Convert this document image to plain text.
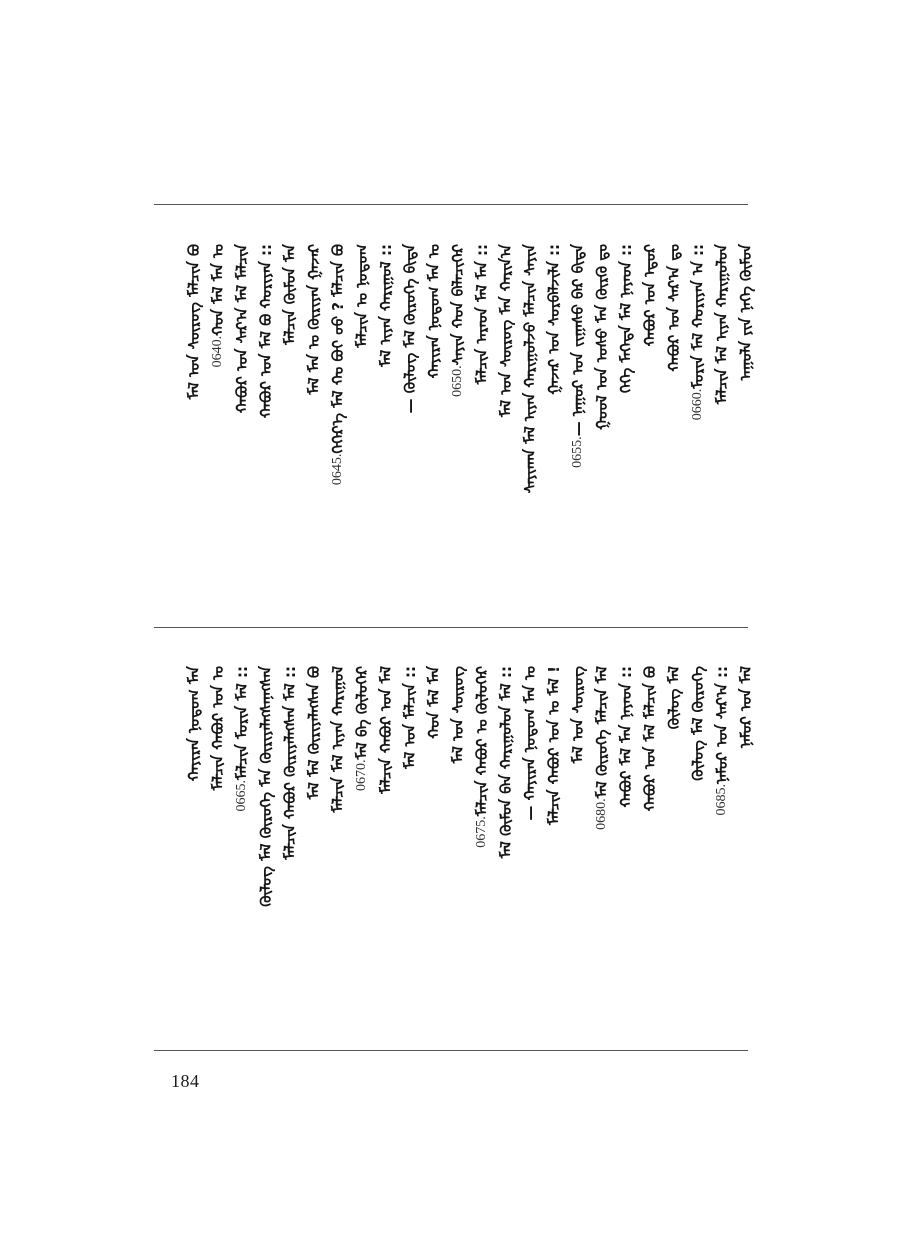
ᠠᠭᠤᠯᠠ ᠶᠢᠨ ᠨᠡᠭᠡ ᠬᠦᠮᠦᠨ
ᠮᠠᠯᠴᠢᠨ ᠮᠠᠯ ᠢᠶᠠᠨ ᠬᠠᠷᠢᠭᠤᠯᠤᠨ
0660.ᠮᠣᠷᠢᠨ ᠮᠠᠯ ᠬᠤᠷᠢᠶᠠᠨ ᠠ ::
ᠬᠠᠪᠤᠷ ᠤᠨ ᠰᠠᠷ᠎ᠠ ᠳᠤ
ᠬᠠᠪᠤᠷ ᠤᠨ ᠡᠳᠦᠷ
ᠬᠡᠬᠡ ᠮᠡᠭᠡᠳᠡ ᠮᠠᠯ ᠨᠠᠶᠠᠳ ::
ᠭᠣᠣᠯ ᠤᠨ ᠤᠰᠤ ᠮᠡᠨ ᠬᠦᠷᠬᠦ ᠳᠤ
0655.— ᠨᠠᠭᠤᠷ ᠤᠨ ᠵᠢᠭᠠᠰᠤ ᠪᠠᠷ ᠪᠢᠳᠡ
ᠭᠠᠵᠠᠷ ᠤᠨ ᠰᠤᠷᠪᠠᠯᠵᠢᠯᠠ ::
ᠰᠠᠶᠢᠬᠠᠨ ᠮᠠᠯ ᠢᠶᠠᠨ ᠬᠠᠷᠢᠭᠤᠯᠵᠤ ᠮᠠᠯᠴᠢᠨ ᠰᠠᠶᠢᠨ
ᠮᠠᠯ ᠤᠨ ᠰᠦᠷᠦᠭ ᠮᠡᠨ ᠬᠠᠷᠢᠨ᠎ᠠ
ᠮᠠᠯᠴᠢᠨ ᠠᠷᠠᠳ ᠮᠠᠯ ᠮᠠᠨ ::
0650.ᠰᠠᠶᠢᠨ ᠬᠣᠨ ᠪᠡᠯᠡᠴᠢᠭᠡᠷ
ᠬᠠᠶᠢᠷᠠᠨ ᠨᠤᠲᠤᠭ ᠮᠠᠨ ᠤ
— ᠬᠦᠯᠦᠭ ᠮᠠᠯ ᠬᠦᠷᠦᠭᠡ ᠪᠢᠳᠡ
ᠮᠠᠯ ᠢᠶᠠᠨ ᠬᠠᠷᠢᠭᠤᠯ ::
ᠮᠠᠯᠴᠢᠨ ᠤ ᠨᠤᠲᠤᠭ
0645.ᠬᠡᠭᠡᠷ᠎ᠡ ᠮᠠᠯ ᠬᠤ ᠪᠤᠢ ᠤᠤ ? ᠮᠠᠯᠴᠢᠨ ᠪᠤ
ᠮᠠᠯ ᠮᠠᠨ ᠤ ᠬᠦᠷᠢᠶᠡᠨ ᠭᠠᠵᠠᠷ
ᠮᠠᠯᠴᠢᠨ ᠬᠦᠮᠦᠨ ᠮᠠᠨ
ᠬᠠᠪᠤᠷ ᠤᠨ ᠮᠠᠯ ᠪᠤ ᠬᠤᠷᠢᠶᠠᠨ ::
ᠬᠠᠪᠤᠷ ᠤᠨ ᠰᠠᠷ᠎ᠠ ᠮᠠᠯ ᠮᠠᠯᠴᠢᠨ
0640.ᠬᠣᠨ ᠮᠠᠯ ᠮᠡᠨ ᠤ
ᠮᠠᠯ ᠤᠨ ᠰᠦᠷᠦᠭ ᠮᠠᠯᠴᠢᠨ ᠪᠤ
ᠨᠠᠮᠤᠷ ᠤᠨ ᠮᠠᠯ
0685.ᠨᠠᠮᠤᠷ ᠤᠨ ᠰᠠᠷ᠎ᠠ ::
ᠬᠦᠯᠦᠭ ᠮᠠᠯ ᠬᠦᠷᠦᠭᠡ
ᠬᠦᠯᠦᠭ ᠮᠠᠯ
ᠬᠠᠪᠤᠷ ᠤᠨ ᠮᠠᠯ ᠮᠠᠯᠴᠢᠨ ᠪᠤ
ᠬᠠᠪᠤᠷ ᠮᠠᠯ ᠮᠡᠨ ᠨᠠᠶᠠᠳ ::
0680.ᠮᠠᠯ ᠬᠦᠷᠦᠭᠡ ᠮᠠᠯᠴᠢᠨ ᠮᠠᠯ
ᠮᠠᠯ ᠤᠨ ᠰᠦᠷᠦᠭ
ᠮᠠᠯᠴᠢᠨ ᠬᠠᠪᠤᠷ ᠤᠨ ᠤ ᠮᠠᠯ !
— ᠬᠠᠶᠢᠷᠠᠨ ᠨᠤᠲᠤᠭ ᠮᠠᠨ ᠤ
ᠮᠠᠯ ᠬᠦᠮᠦᠨ ᠪᠡᠨ ᠬᠠᠷᠢᠭᠤᠯᠤᠨ ᠮᠠᠯ ::
0675.ᠮᠠᠯᠴᠢᠨ ᠬᠠᠪᠤᠷ ᠤ ᠬᠦᠯᠦᠭᠡᠷ
ᠮᠠᠯ ᠤᠨ ᠰᠦᠷᠦᠭ
ᠬᠣᠨ ᠮᠠᠯ ᠮᠠᠨ
ᠮᠠᠯ ᠤᠨ ᠮᠠᠯᠴᠢᠨ ::
ᠮᠠᠯᠴᠢᠨ ᠬᠠᠪᠤᠷ ᠤᠨ ᠮᠠᠯ
0670.ᠮᠠᠯ ᠪᠠ ᠬᠦᠯᠦᠭᠡᠷ
ᠮᠠᠯᠴᠢᠨ ᠮᠠᠯ ᠢᠶᠠᠨ ᠬᠠᠷᠢᠭᠤᠯ
ᠮᠠᠯ ᠮᠠᠯ ᠬᠦᠷᠢᠶᠡᠯᠡᠭᠰᠡᠨ ᠪᠤ
ᠮᠠᠯᠴᠢᠨ ᠬᠠᠪᠤᠷ ᠬᠦᠷᠢᠶᠡᠯᠡᠭᠰᠡᠨ ᠮᠠᠯ ::
ᠬᠦᠯᠦᠭ ᠮᠠᠯ ᠬᠦᠷᠦᠭᠡ ᠮᠠᠨ ᠬᠦᠷᠢᠶᠡᠯᠡᠭᠰᠡᠨᠡᠭᠰᠡᠨ
0665.ᠮᠠᠯᠴᠢᠨ ᠮᠣᠷᠢᠨ ᠮᠠᠯ ::
ᠮᠠᠯᠴᠢᠨ ᠬᠠᠪᠤᠷ ᠤᠨ ᠤ
ᠬᠠᠶᠢᠷᠠᠨ ᠨᠤᠲᠤᠭ ᠮᠠᠨ
184
